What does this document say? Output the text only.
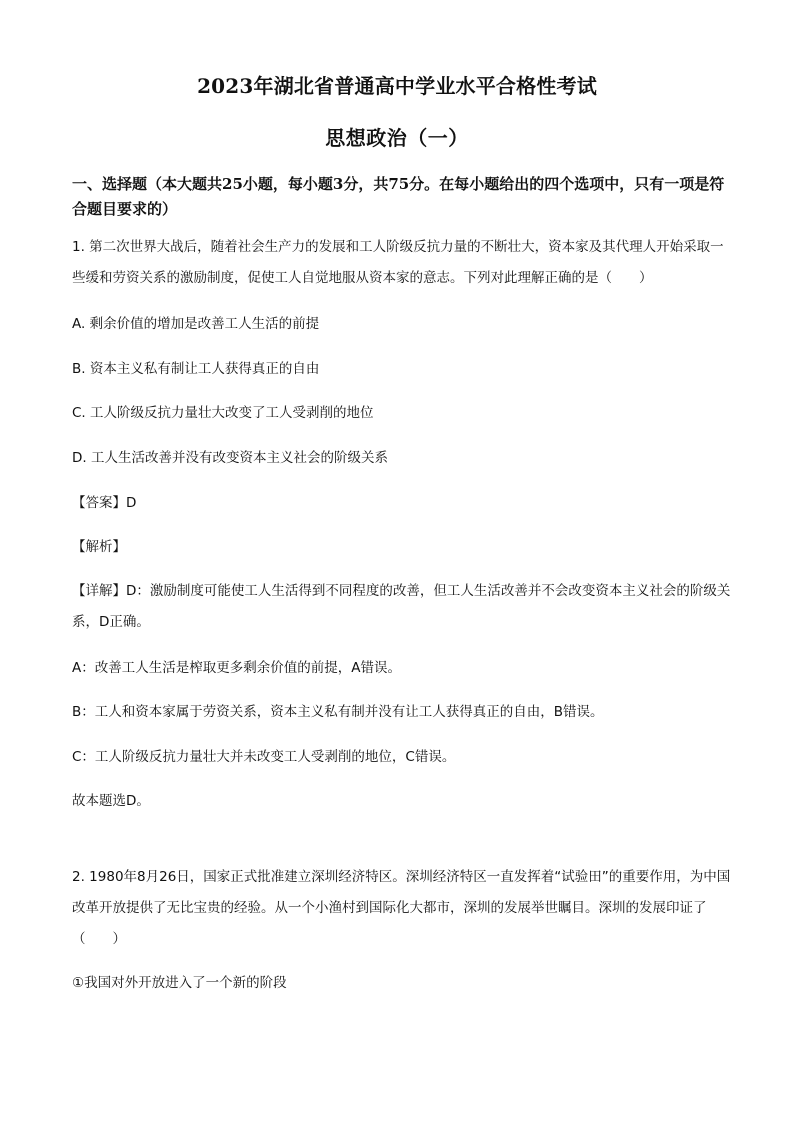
2023年湖北省普通高中学业水平合格性考试
思想政治（一）
一、选择题（本大题共25小题，每小题3分，共75分。在每小题给出的四个选项中，只有一项是符合题目要求的）
1. 第二次世界大战后，随着社会生产力的发展和工人阶级反抗力量的不断壮大，资本家及其代理人开始采取一些缓和劳资关系的激励制度，促使工人自觉地服从资本家的意志。下列对此理解正确的是（　　）
A. 剩余价值的增加是改善工人生活的前提
B. 资本主义私有制让工人获得真正的自由
C. 工人阶级反抗力量壮大改变了工人受剥削的地位
D. 工人生活改善并没有改变资本主义社会的阶级关系
【答案】D
【解析】
【详解】D：激励制度可能使工人生活得到不同程度的改善，但工人生活改善并不会改变资本主义社会的阶级关系，D正确。
A：改善工人生活是榨取更多剩余价值的前提，A错误。
B：工人和资本家属于劳资关系，资本主义私有制并没有让工人获得真正的自由，B错误。
C：工人阶级反抗力量壮大并未改变工人受剥削的地位，C错误。
故本题选D。
2. 1980年8月26日，国家正式批准建立深圳经济特区。深圳经济特区一直发挥着“试验田”的重要作用，为中国改革开放提供了无比宝贵的经验。从一个小渔村到国际化大都市，深圳的发展举世瞩目。深圳的发展印证了（　　）
①我国对外开放进入了一个新的阶段
